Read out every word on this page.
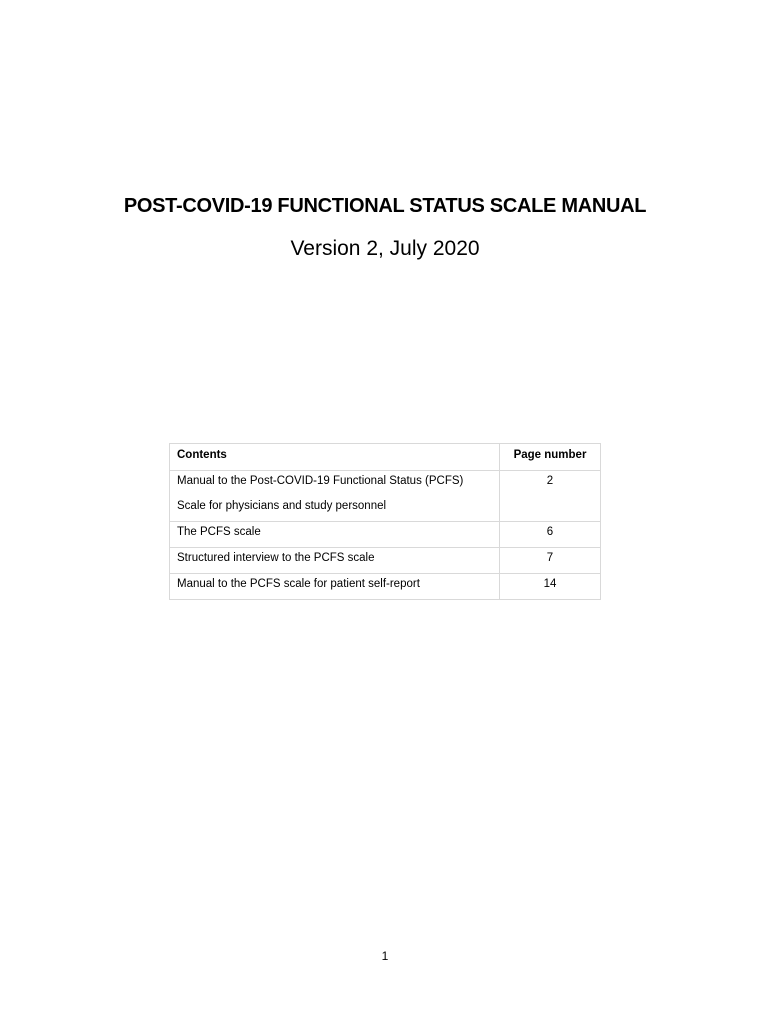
POST-COVID-19 FUNCTIONAL STATUS SCALE MANUAL
Version 2, July 2020
Contents	Page number

Manual to the Post-COVID-19 Functional Status (PCFS)
Scale for physicians and study personnel	2

The PCFS scale	6

Structured interview to the PCFS scale	7

Manual to the PCFS scale for patient self-report	14
1
